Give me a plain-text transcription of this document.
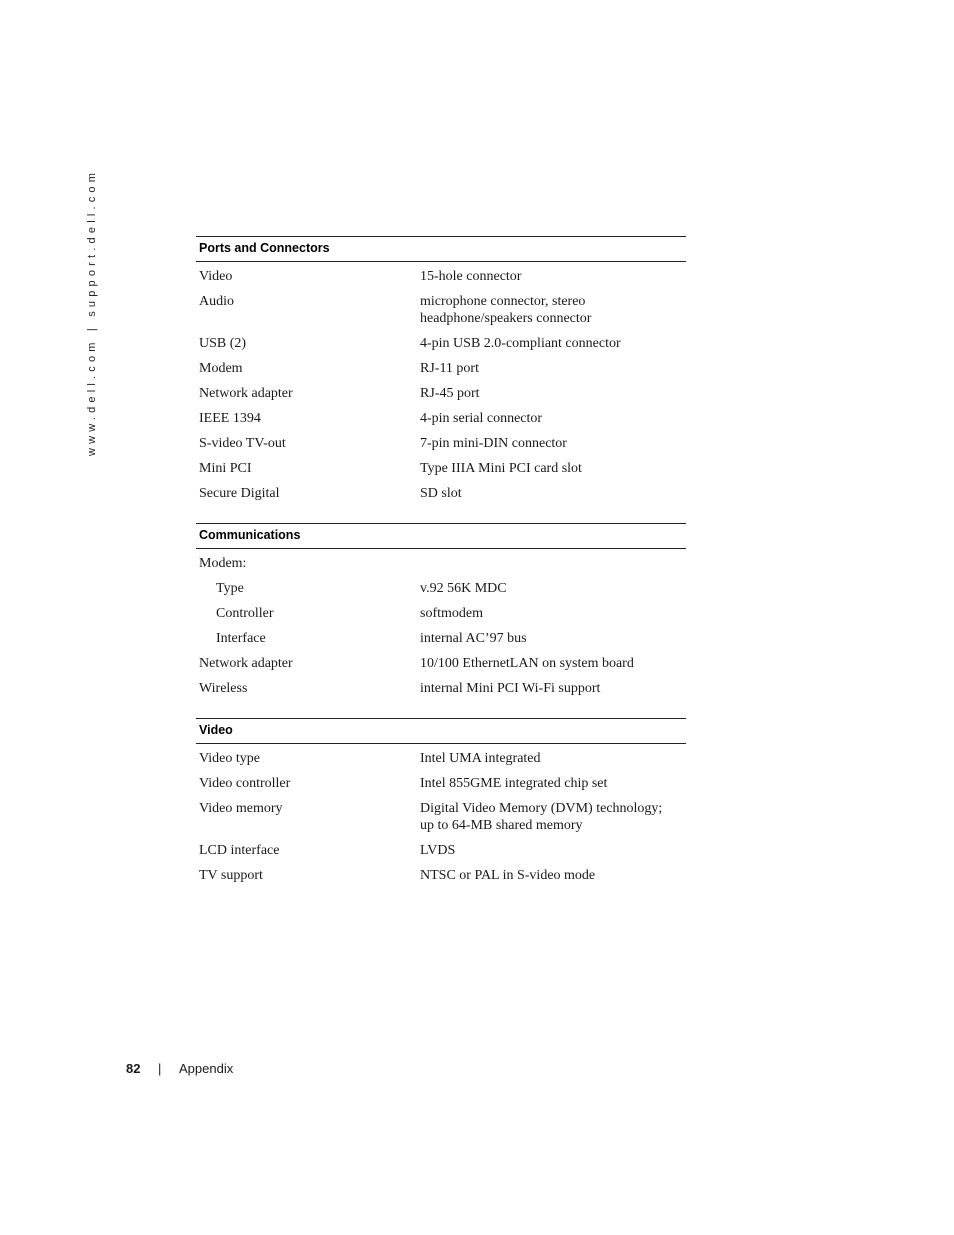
www.dell.com | support.dell.com	Ports and Connectors
Video	15-hole connector
Audio	microphone connector, stereo headphone/speakers connector
USB (2)	4-pin USB 2.0-compliant connector
Modem	RJ-11 port
Network adapter	RJ-45 port
IEEE 1394	4-pin serial connector
S-video TV-out	7-pin mini-DIN connector
Mini PCI	Type IIIA Mini PCI card slot
Secure Digital	SD slot
Communications
Modem:
Type	v.92 56K MDC
Controller	softmodem
Interface	internal AC’97 bus
Network adapter	10/100 EthernetLAN on system board
Wireless	internal Mini PCI Wi-Fi support
Video
Video type	Intel UMA integrated
Video controller	Intel 855GME integrated chip set
Video memory	Digital Video Memory (DVM) technology; up to 64-MB shared memory
LCD interface	LVDS
TV support	NTSC or PAL in S-video mode
82 | Appendix
